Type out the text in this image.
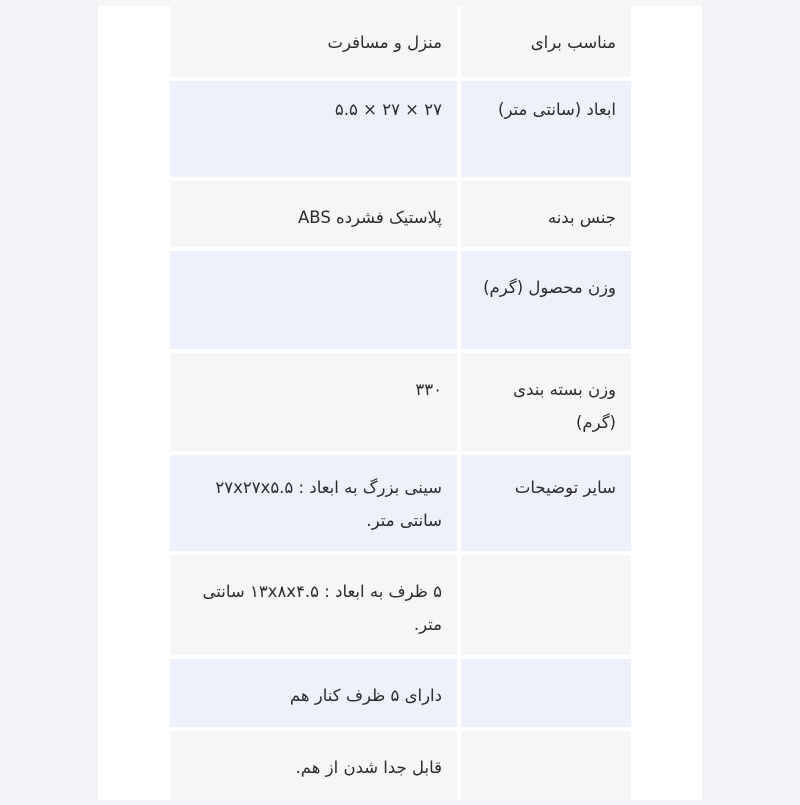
مناسب برای
منزل و مسافرت
ابعاد (سانتی متر)
۲۷ × ۲۷ × ۵.۵
جنس بدنه
پلاستیک فشرده ABS
وزن محصول (گرم)
وزن بسته بندی (گرم)
۳۳۰
سایر توضیحات
سینی بزرگ به ابعاد : ۲۷x۲۷x۵.۵ سانتی متر.
۵ ظرف به ابعاد : ۱۳x۸x۴.۵ سانتی متر.
دارای ۵ ظرف کنار هم
قابل جدا شدن از هم.
